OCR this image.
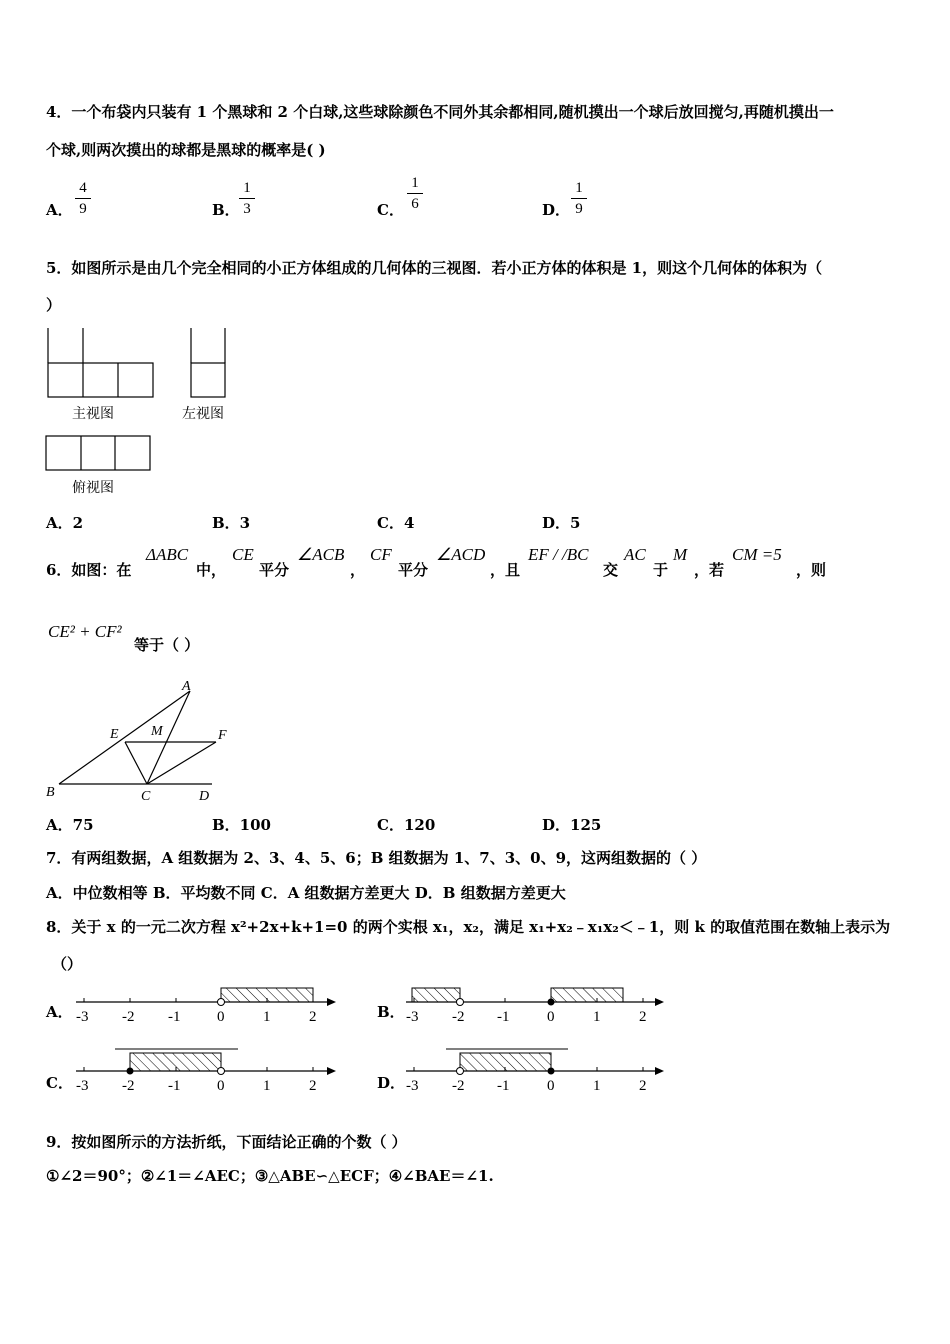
4．一个布袋内只装有 1 个黑球和 2 个白球,这些球除颜色不同外其余都相同,随机摸出一个球后放回搅匀,再随机摸出一
个球,则两次摸出的球都是黑球的概率是( )
A．
4
9	B．
1
3	C．
1
6	D．
1
9
5．如图所示是由几个完全相同的小正方体组成的几何体的三视图．若小正方体的体积是 1，则这个几何体的体积为（
）
主视图	左视图
俯视图
A．2	B．3	C．4	D．5
6．如图：在
ΔABC
中，
CE
平分
∠ACB
，
CF
平分
∠ACD
，且
EF / /BC
交
AC
于
M
，若
CM =5
，则
CE² + CF²
等于（ ）
A
B	C	D
E	F
M
A．75	B．100	C．120	D．125
7．有两组数据，A 组数据为 2、3、4、5、6；B 组数据为 1、7、3、0、9，这两组数据的（ ）
A．中位数相等 B．平均数不同 C．A 组数据方差更大 D．B 组数据方差更大
8．关于 x 的一元二次方程 x²+2x+k+1=0 的两个实根 x₁，x₂，满足 x₁+x₂﹣x₁x₂＜﹣1，则 k 的取值范围在数轴上表示为
（）
-3 -2 -1 0	1	2	-3 -2 -1	0	1	2
-3 -2 -1 0	1	2	-3 -2 -1	0	1	2
A．	B．
C．	D．
9．按如图所示的方法折纸，下面结论正确的个数（ ）
①∠2＝90°；②∠1＝∠AEC；③△ABE∽△ECF；④∠BAE＝∠1.
